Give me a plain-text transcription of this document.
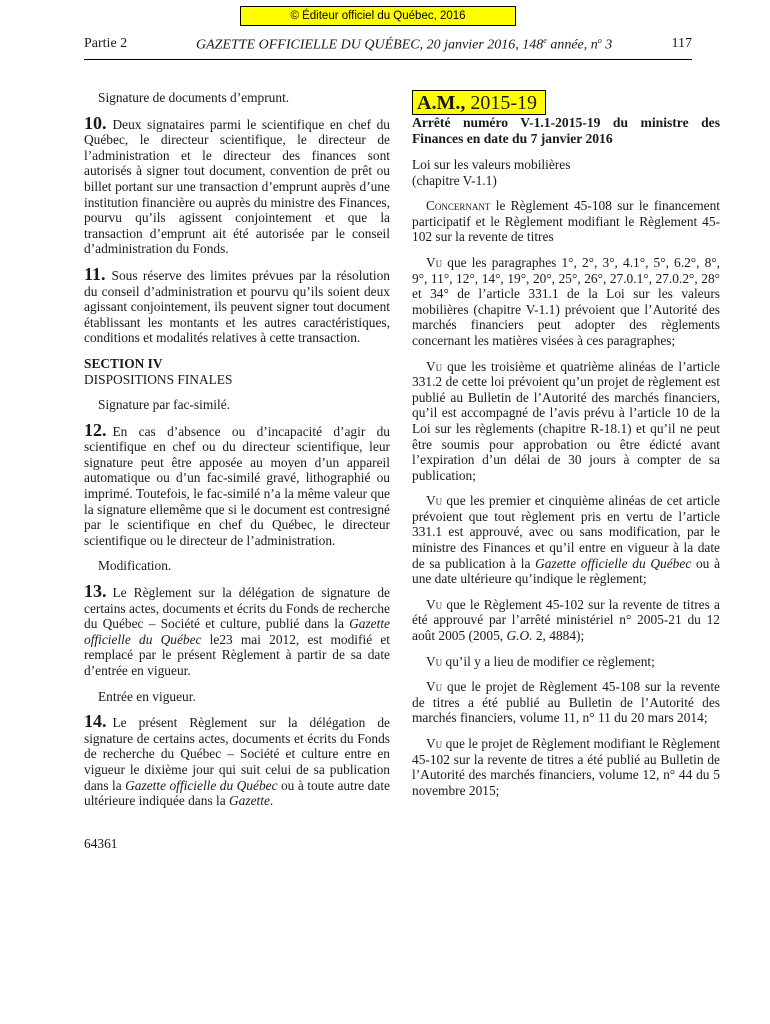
© Éditeur officiel du Québec, 2016
Partie 2	GAZETTE OFFICIELLE DU QUÉBEC, 20 janvier 2016, 148e année, $n^o$ 3	117

Signature de documents d’emprunt.

10. Deux signataires parmi le scientifique en chef du Québec, le directeur scientifique, le directeur de l’administration et le directeur des finances sont autorisés à signer tout document, convention de prêt ou billet portant sur une transaction d’emprunt auprès d’une institution financière ou auprès du ministre des Finances, pourvu qu’ils agissent conjointement et que la transaction d’emprunt ait été autorisée par le conseil d’administration du Fonds.

11. Sous réserve des limites prévues par la résolution du conseil d’administration et pourvu qu’ils soient deux agissant conjointement, ils peuvent signer tout document établissant les montants et les autres caractéristiques, conditions et modalités relatives à cette transaction.

SECTION IV

DISPOSITIONS FINALES

Signature par fac-similé.

12. En cas d’absence ou d’incapacité d’agir du scientifique en chef ou du directeur scientifique, leur signature peut être apposée au moyen d’un appareil automatique ou d’un fac-similé gravé, lithographié ou imprimé. Toutefois, le fac-similé n’a la même valeur que la signature ellemême que si le document est contresigné par le scientifique en chef du Québec, le directeur scientifique ou le directeur de l’administration.

Modification.

13. Le Règlement sur la délégation de signature de certains actes, documents et écrits du Fonds de recherche du Québec – Société et culture, publié dans la Gazette officielle du Québec le23 mai 2012, est modifié et remplacé par le présent Règlement à partir de sa date d’entrée en vigueur.

Entrée en vigueur.

14. Le présent Règlement sur la délégation de signature de certains actes, documents et écrits du Fonds de recherche du Québec – Société et culture entre en vigueur le dixième jour qui suit celui de sa publication dans la Gazette officielle du Québec ou à toute autre date ultérieure indiquée dans la Gazette.

64361
A.M., 2015-19

Arrêté numéro V-1.1-2015-19 du ministre des Finances en date du 7 janvier 2016

Loi sur les valeurs mobilières

(chapitre V-1.1)

Concernant le Règlement 45-108 sur le financement participatif et le Règlement modifiant le Règlement 45-102 sur la revente de titres

Vu que les paragraphes 1°, 2°, 3°, 4.1°, 5°, 6.2°, 8°, 9°, 11°, 12°, 14°, 19°, 20°, 25°, 26°, 27.0.1°, 27.0.2°, 28° et 34° de l’article 331.1 de la Loi sur les valeurs mobilières (chapitre V-1.1) prévoient que l’Autorité des marchés financiers peut adopter des règlements concernant les matières visées à ces paragraphes;

Vu que les troisième et quatrième alinéas de l’article 331.2 de cette loi prévoient qu’un projet de règlement est publié au Bulletin de l’Autorité des marchés financiers, qu’il est accompagné de l’avis prévu à l’article 10 de la Loi sur les règlements (chapitre R-18.1) et qu’il ne peut être soumis pour approbation ou être édicté avant l’expiration d’un délai de 30 jours à compter de sa publication;

Vu que les premier et cinquième alinéas de cet article prévoient que tout règlement pris en vertu de l’article 331.1 est approuvé, avec ou sans modification, par le ministre des Finances et qu’il entre en vigueur à la date de sa publication à la Gazette officielle du Québec ou à une date ultérieure qu’indique le règlement;

Vu que le Règlement 45-102 sur la revente de titres a été approuvé par l’arrêté ministériel n° 2005-21 du 12 août 2005 (2005, G.O. 2, 4884);

Vu qu’il y a lieu de modifier ce règlement;

Vu que le projet de Règlement 45-108 sur la revente de titres a été publié au Bulletin de l’Autorité des marchés financiers, volume 11, n° 11 du 20 mars 2014;

Vu que le projet de Règlement modifiant le Règlement 45-102 sur la revente de titres a été publié au Bulletin de l’Autorité des marchés financiers, volume 12, n° 44 du 5 novembre 2015;
